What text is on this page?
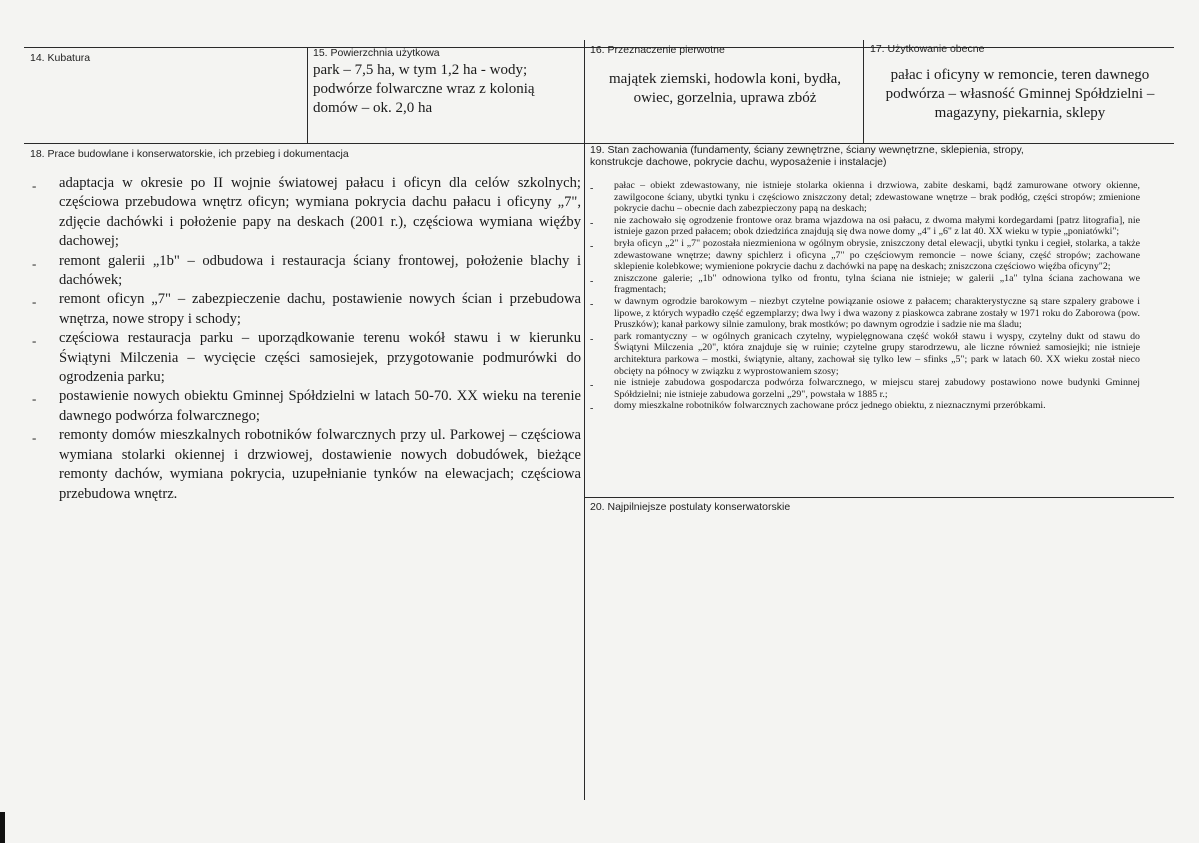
14. Kubatura	15. Powierzchnia użytkowa
park – 7,5 ha, w tym 1,2 ha - wody; podwórze folwarczne wraz z kolonią domów – ok. 2,0 ha
16. Przeznaczenie pierwotne
majątek ziemski, hodowla koni, bydła, owiec, gorzelnia, uprawa zbóż
17. Użytkowanie obecne
pałac i oficyny w remoncie, teren dawnego podwórza – własność Gminnej Spółdzielni – magazyny, piekarnia, sklepy
18. Prace budowlane i konserwatorskie, ich przebieg i dokumentacja
- adaptacja w okresie po II wojnie światowej pałacu i oficyn dla celów szkolnych; częściowa przebudowa wnętrz oficyn; wymiana pokrycia dachu pałacu i oficyny „7", zdjęcie dachówki i położenie papy na deskach (2001 r.), częściowa wymiana więźby dachowej;
- remont galerii „1b" – odbudowa i restauracja ściany frontowej, położenie blachy i dachówek;
- remont oficyn „7" – zabezpieczenie dachu, postawienie nowych ścian i przebudowa wnętrza, nowe stropy i schody;
- częściowa restauracja parku – uporządkowanie terenu wokół stawu i w kierunku Świątyni Milczenia – wycięcie części samosiejek, przygotowanie podmurówki do ogrodzenia parku;
- postawienie nowych obiektu Gminnej Spółdzielni w latach 50-70. XX wieku na terenie dawnego podwórza folwarcznego;
- remonty domów mieszkalnych robotników folwarcznych przy ul. Parkowej – częściowa wymiana stolarki okiennej i drzwiowej, dostawienie nowych dobudówek, bieżące remonty dachów, wymiana pokrycia, uzupełnianie tynków na elewacjach; częściowa przebudowa wnętrz.
19. Stan zachowania (fundamenty, ściany zewnętrzne, ściany wewnętrzne, sklepienia, stropy,
konstrukcje dachowe, pokrycie dachu, wyposażenie i instalacje)
- pałac – obiekt zdewastowany, nie istnieje stolarka okienna i drzwiowa, zabite deskami, bądź zamurowane otwory okienne, zawilgocone ściany, ubytki tynku i częściowo zniszczony detal; zdewastowane wnętrze – brak podłóg, części stropów; zmienione pokrycie dachu – obecnie dach zabezpieczony papą na deskach;
- nie zachowało się ogrodzenie frontowe oraz brama wjazdowa na osi pałacu, z dwoma małymi kordegardami [patrz litografia], nie istnieje gazon przed pałacem; obok dziedzińca znajdują się dwa nowe domy „4" i „6" z lat 40. XX wieku w typie „poniatówki";
- bryła oficyn „2" i „7" pozostała niezmieniona w ogólnym obrysie, zniszczony detal elewacji, ubytki tynku i cegieł, stolarka, a także zdewastowane wnętrze; dawny spichlerz i oficyna „7" po częściowym remoncie – nowe ściany, część stropów; zachowane sklepienie kolebkowe; wymienione pokrycie dachu z dachówki na papę na deskach; zniszczona częściowo więźba oficyny"2;
- zniszczone galerie; „1b" odnowiona tylko od frontu, tylna ściana nie istnieje; w galerii „1a" tylna ściana zachowana we fragmentach;
- w dawnym ogrodzie barokowym – niezbyt czytelne powiązanie osiowe z pałacem; charakterystyczne są stare szpalery grabowe i lipowe, z których wypadło część egzemplarzy; dwa lwy i dwa wazony z piaskowca zabrane zostały w 1971 roku do Zaborowa (pow. Pruszków); kanał parkowy silnie zamulony, brak mostków; po dawnym ogrodzie i sadzie nie ma śladu;
- park romantyczny – w ogólnych granicach czytelny, wypielęgnowana część wokół stawu i wyspy, czytelny dukt od stawu do Świątyni Milczenia „20", która znajduje się w ruinie; czytelne grupy starodrzewu, ale liczne również samosiejki; nie istnieje architektura parkowa – mostki, świątynie, altany, zachował się tylko lew – sfinks „5"; park w latach 60. XX wieku został nieco obcięty na północy w związku z wyprostowaniem szosy;
- nie istnieje zabudowa gospodarcza podwórza folwarcznego, w miejscu starej zabudowy postawiono nowe budynki Gminnej Spółdzielni; nie istnieje zabudowa gorzelni „29", powstała w 1885 r.;
- domy mieszkalne robotników folwarcznych zachowane prócz jednego obiektu, z nieznacznymi przeróbkami.
20. Najpilniejsze postulaty konserwatorskie
